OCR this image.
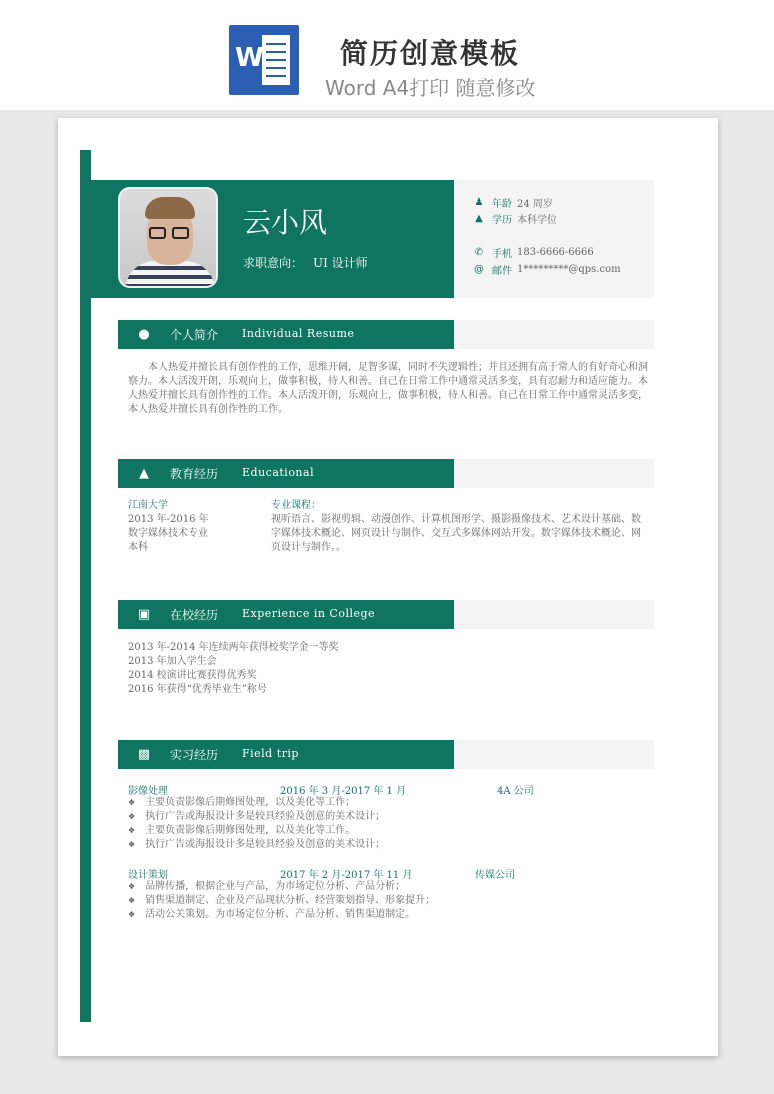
W	简历创意模板
Word A4打印 随意修改
云小风
求职意向： UI 设计师
♟ 年龄 24 周岁
▲ 学历 本科学位
✆ 手机 183-6666-6666
@ 邮件 1*********@qps.com
● 个人简介 Individual Resume
本人热爱并擅长具有创作性的工作，思维开阔，足智多谋，同时不失逻辑性；并且还拥有高于常人的有好奇心和洞察力。本人活泼开朗，乐观向上，做事积极，待人和善。自己在日常工作中通常灵活多变，具有忍耐力和适应能力。本人热爱并擅长具有创作性的工作。本人活泼开朗，乐观向上，做事积极，待人和善。自己在日常工作中通常灵活多变，本人热爱并擅长具有创作性的工作。
▲ 教育经历 Educational
江南大学
2013 年-2016 年
数字媒体技术专业
本科
专业课程：
视听语言、影视剪辑、动漫创作、计算机图形学、摄影摄像技术、艺术设计基础、数字媒体技术概论、网页设计与制作、交互式多媒体网站开发。数字媒体技术概论、网页设计与制作。。
▣ 在校经历 Experience in College
2013 年-2014 年连续两年获得校奖学金一等奖
2013 年加入学生会
2014 校演讲比赛获得优秀奖
2016 年获得“优秀毕业生”称号
▩ 实习经历 Field trip
影像处理	2016 年 3 月-2017 年 1 月	4A 公司
❖ 主要负责影像后期修图处理，以及美化等工作；
❖ 执行广告或海报设计多是较具经验及创意的美术设计；
❖ 主要负责影像后期修图处理，以及美化等工作。
❖ 执行广告或海报设计多是较具经验及创意的美术设计；
设计策划	2017 年 2 月-2017 年 11 月	传媒公司
❖ 品牌传播，根据企业与产品，为市场定位分析、产品分析；
❖ 销售渠道制定、企业及产品现状分析、经营策划指导、形象提升；
❖ 活动公关策划。为市场定位分析、产品分析、销售渠道制定。
